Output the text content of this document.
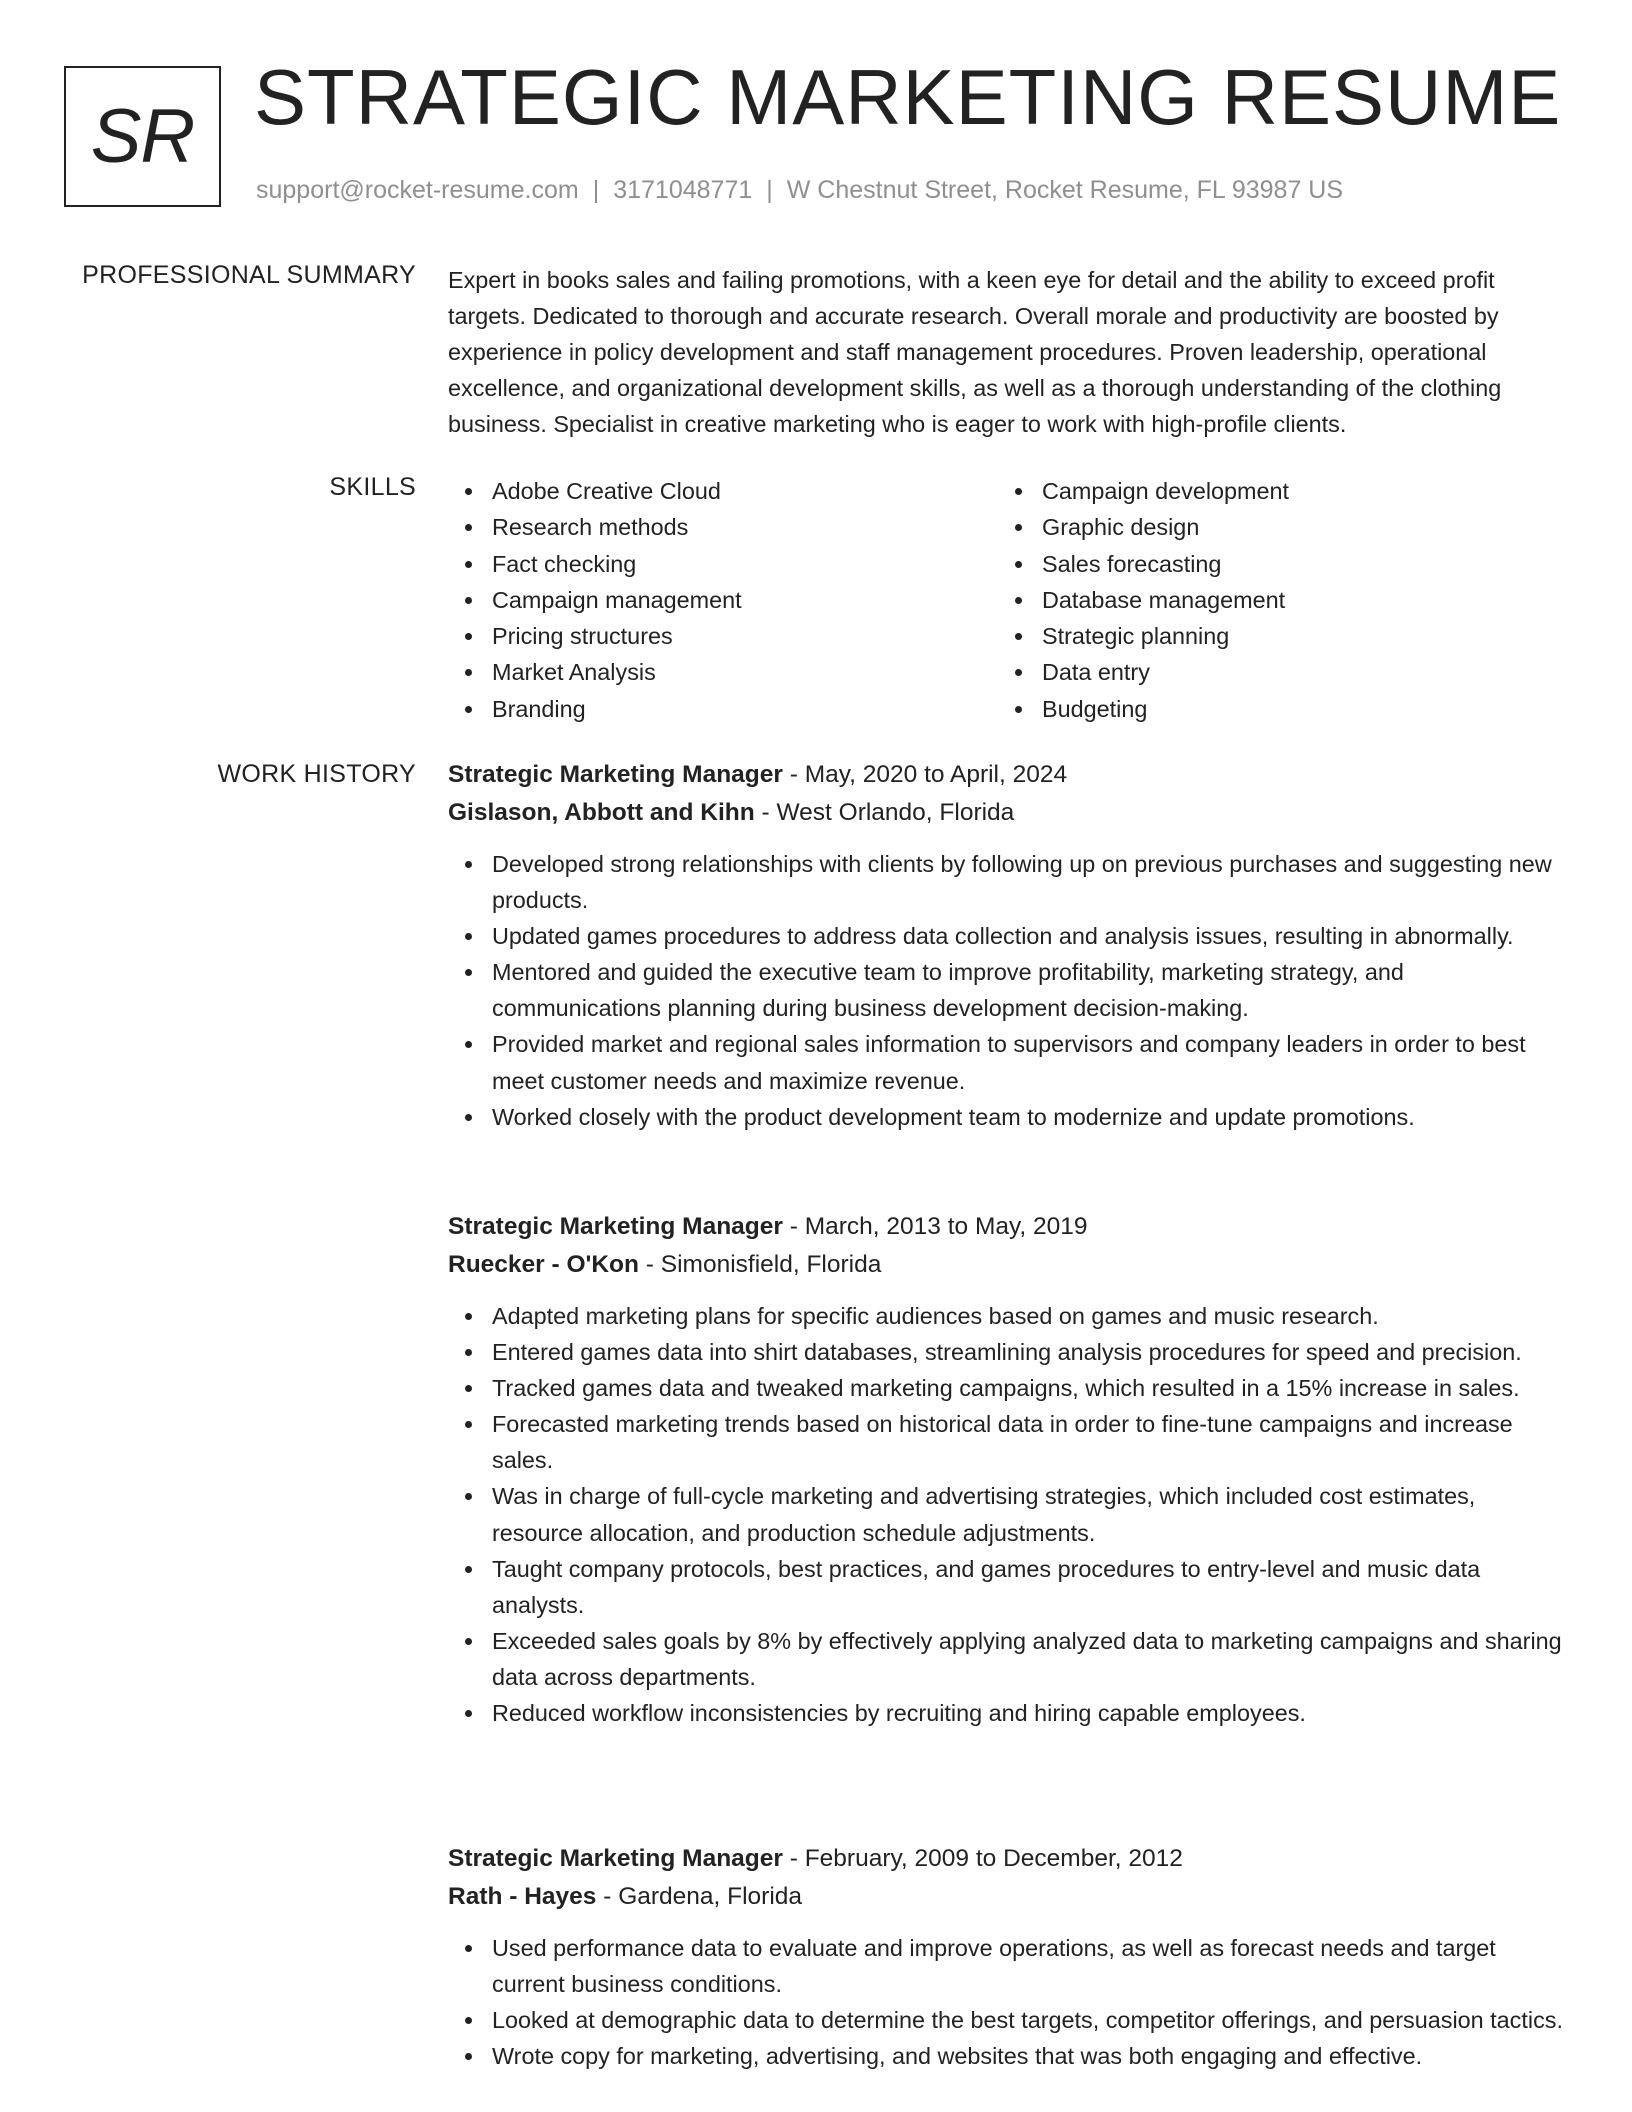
SR STRATEGIC MARKETING RESUME
support@rocket-resume.com | 3171048771 | W Chestnut Street, Rocket Resume, FL 93987 US
PROFESSIONAL SUMMARY Expert in books sales and failing promotions, with a keen eye for detail and the ability to exceed profit targets. Dedicated to thorough and accurate research. Overall morale and productivity are boosted by experience in policy development and staff management procedures. Proven leadership, operational excellence, and organizational development skills, as well as a thorough understanding of the clothing business. Specialist in creative marketing who is eager to work with high-profile clients.

SKILLS	Adobe Creative Cloud
Research methods
Fact checking
Campaign management
Pricing structures
Market Analysis
Branding
Campaign development
Graphic design
Sales forecasting
Database management
Strategic planning
Data entry
Budgeting
WORK HISTORY Strategic Marketing Manager - May, 2020 to April, 2024
Gislason, Abbott and Kihn - West Orlando, Florida
Developed strong relationships with clients by following up on previous purchases and suggesting new products.
Updated games procedures to address data collection and analysis issues, resulting in abnormally.
Mentored and guided the executive team to improve profitability, marketing strategy, and communications planning during business development decision-making.
Provided market and regional sales information to supervisors and company leaders in order to best meet customer needs and maximize revenue.
Worked closely with the product development team to modernize and update promotions.
Strategic Marketing Manager - March, 2013 to May, 2019
Ruecker - O'Kon - Simonisfield, Florida
Adapted marketing plans for specific audiences based on games and music research.
Entered games data into shirt databases, streamlining analysis procedures for speed and precision.
Tracked games data and tweaked marketing campaigns, which resulted in a 15% increase in sales.
Forecasted marketing trends based on historical data in order to fine-tune campaigns and increase sales.
Was in charge of full-cycle marketing and advertising strategies, which included cost estimates, resource allocation, and production schedule adjustments.
Taught company protocols, best practices, and games procedures to entry-level and music data analysts.
Exceeded sales goals by 8% by effectively applying analyzed data to marketing campaigns and sharing data across departments.
Reduced workflow inconsistencies by recruiting and hiring capable employees.
Strategic Marketing Manager - February, 2009 to December, 2012
Rath - Hayes - Gardena, Florida
Used performance data to evaluate and improve operations, as well as forecast needs and target current business conditions.
Looked at demographic data to determine the best targets, competitor offerings, and persuasion tactics.
Wrote copy for marketing, advertising, and websites that was both engaging and effective.
